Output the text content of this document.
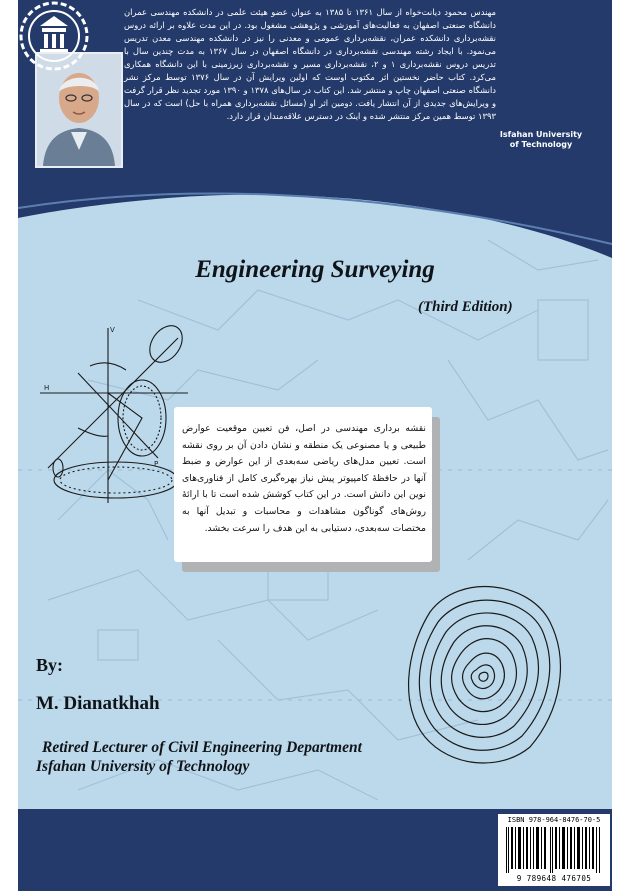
مهندس محمود دیانت‌خواه از سال ۱۳۶۱ تا ۱۳۸۵ به عنوان عضو هیئت علمی در دانشکده مهندسی عمران دانشگاه صنعتی اصفهان به فعالیت‌های آموزشی و پژوهشی مشغول بود. در این مدت علاوه بر ارائه دروس نقشه‌برداری دانشکده عمران، نقشه‌برداری عمومی و معدنی را نیز در دانشکده مهندسی معدن تدریس می‌نمود. با ایجاد رشته مهندسی نقشه‌برداری در دانشگاه اصفهان در سال ۱۳۶۷ به مدت چندین سال با تدریس دروس نقشه‌برداری ۱ و ۲، نقشه‌برداری مسیر و نقشه‌برداری زیرزمینی با این دانشگاه همکاری می‌کرد. کتاب حاضر نخستین اثر مکتوب اوست که اولین ویرایش آن در سال ۱۳۷۶ توسط مرکز نشر دانشگاه صنعتی اصفهان چاپ و منتشر شد. این کتاب در سال‌های ۱۳۷۸ و ۱۳۹۰ مورد تجدید نظر قرار گرفت و ویرایش‌های جدیدی از آن انتشار یافت. دومین اثر او (مسائل نقشه‌برداری همراه با حل) است که در سال ۱۳۹۳ توسط همین مرکز منتشر شده و اینک در دسترس علاقه‌مندان قرار دارد.
Isfahan University
of Technology
Engineering Surveying
(Third Edition)
V
H
P
نقشه برداری مهندسی در اصل، فن تعیین موقعیت عوارض طبیعی و یا مصنوعی یک منطقه و نشان دادن آن بر روی نقشه است. تعیین مدل‌های ریاضی سه‌بعدی از این عوارض و ضبط آنها در حافظهٔ کامپیوتر پیش نیاز بهره‌گیری کامل از فناوری‌های نوین این دانش است. در این کتاب کوشش شده است تا با ارائهٔ روش‌های گوناگون مشاهدات و محاسبات و تبدیل آنها به مختصات سه‌بعدی، دستیابی به این هدف را سرعت بخشد.
By:
M. Dianatkhah
Retired Lecturer of Civil Engineering Department
Isfahan University of Technology
ISBN 978-964-8476-70-5
9 789648 476705
